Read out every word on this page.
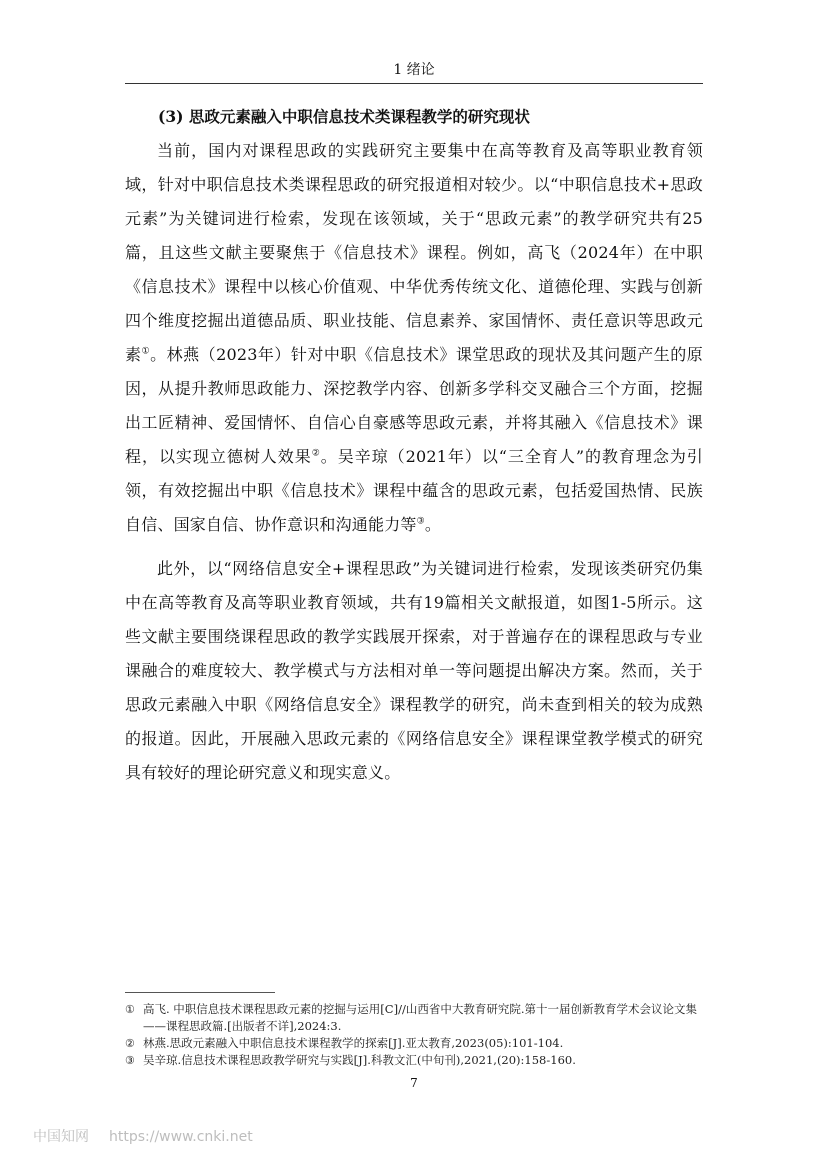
1 绪论

(3) 思政元素融入中职信息技术类课程教学的研究现状

当前，国内对课程思政的实践研究主要集中在高等教育及高等职业教育领域，针对中职信息技术类课程思政的研究报道相对较少。以“中职信息技术+思政元素”为关键词进行检索，发现在该领域，关于“思政元素”的教学研究共有25篇，且这些文献主要聚焦于《信息技术》课程。例如，高飞（2024年）在中职《信息技术》课程中以核心价值观、中华优秀传统文化、道德伦理、实践与创新四个维度挖掘出道德品质、职业技能、信息素养、家国情怀、责任意识等思政元素①。林燕（2023年）针对中职《信息技术》课堂思政的现状及其问题产生的原因，从提升教师思政能力、深挖教学内容、创新多学科交叉融合三个方面，挖掘出工匠精神、爱国情怀、自信心自豪感等思政元素，并将其融入《信息技术》课程，以实现立德树人效果②。吴辛琼（2021年）以“三全育人”的教育理念为引领，有效挖掘出中职《信息技术》课程中蕴含的思政元素，包括爱国热情、民族自信、国家自信、协作意识和沟通能力等③。

此外，以“网络信息安全+课程思政”为关键词进行检索，发现该类研究仍集中在高等教育及高等职业教育领域，共有19篇相关文献报道，如图1-5所示。这些文献主要围绕课程思政的教学实践展开探索，对于普遍存在的课程思政与专业课融合的难度较大、教学模式与方法相对单一等问题提出解决方案。然而，关于思政元素融入中职《网络信息安全》课程教学的研究，尚未查到相关的较为成熟的报道。因此，开展融入思政元素的《网络信息安全》课程课堂教学模式的研究具有较好的理论研究意义和现实意义。

① 高飞. 中职信息技术课程思政元素的挖掘与运用[C]//山西省中大教育研究院.第十一届创新教育学术会议论文集——课程思政篇.[出版者不详],2024:3.
② 林燕.思政元素融入中职信息技术课程教学的探索[J].亚太教育,2023(05):101-104.
③ 吴辛琼.信息技术课程思政教学研究与实践[J].科教文汇(中旬刊),2021,(20):158-160.
7
中国知网 https://www.cnki.net
